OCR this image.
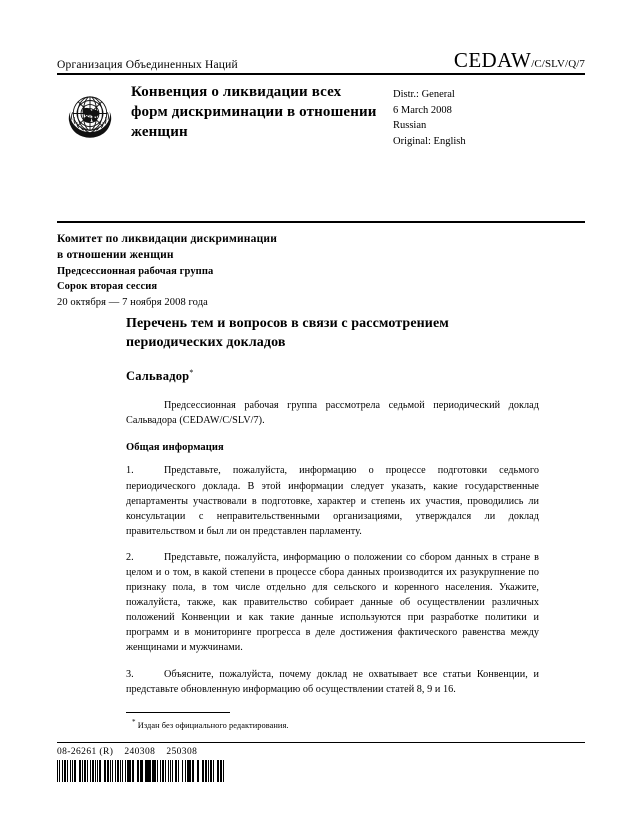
Организация Объединенных Наций	CEDAW /C/SLV/Q/7
Конвенция о ликвидации всех форм дискриминации в отношении женщин
Distr.: General
6 March 2008
Russian
Original: English
Комитет по ликвидации дискриминации
в отношении женщин
Предсессионная рабочая группа
Сорок вторая сессия
20 октября — 7 ноября 2008 года
Перечень тем и вопросов в связи с рассмотрением периодических докладов
Сальвадор*

Предсессионная рабочая группа рассмотрела седьмой периодический доклад Сальвадора (CEDAW/C/SLV/7).

Общая информация

1.	Представьте, пожалуйста, информацию о процессе подготовки седьмого периодического доклада. В этой информации следует указать, какие государственные департаменты участвовали в подготовке, характер и степень их участия, проводились ли консультации с неправительственными организациями, утверждался ли доклад правительством и был ли он представлен парламенту.

2.	Представьте, пожалуйста, информацию о положении со сбором данных в стране в целом и о том, в какой степени в процессе сбора данных производится их разукрупнение по признаку пола, в том числе отдельно для сельского и коренного населения. Укажите, пожалуйста, также, как правительство собирает данные об осуществлении различных положений Конвенции и как такие данные используются при разработке политики и программ и в мониторинге прогресса в деле достижения фактического равенства между женщинами и мужчинами.

3.	Объясните, пожалуйста, почему доклад не охватывает все статьи Конвенции, и представьте обновленную информацию об осуществлении статей 8, 9 и 16.

* Издан без официального редактирования.
08-26261 (R)    240308    250308
